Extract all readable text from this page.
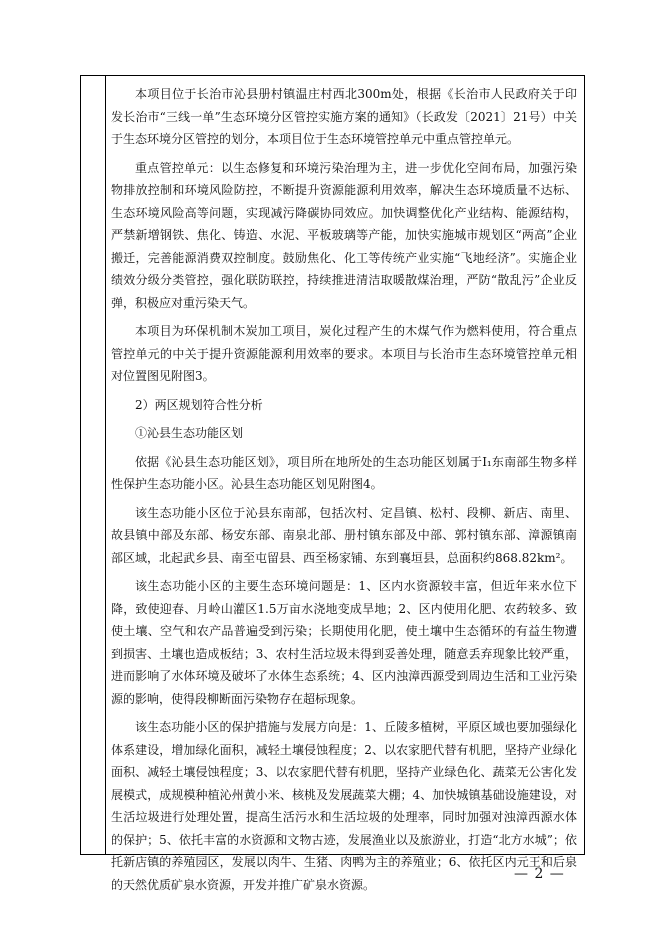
本项目位于长治市沁县册村镇温庄村西北300m处，根据《长治市人民政府关于印发长治市“三线一单”生态环境分区管控实施方案的通知》（长政发〔2021〕21号）中关于生态环境分区管控的划分，本项目位于生态环境管控单元中重点管控单元。

重点管控单元：以生态修复和环境污染治理为主，进一步优化空间布局，加强污染物排放控制和环境风险防控，不断提升资源能源利用效率，解决生态环境质量不达标、生态环境风险高等问题，实现减污降碳协同效应。加快调整优化产业结构、能源结构，严禁新增钢铁、焦化、铸造、水泥、平板玻璃等产能，加快实施城市规划区“两高”企业搬迁，完善能源消费双控制度。鼓励焦化、化工等传统产业实施“飞地经济”。实施企业绩效分级分类管控，强化联防联控，持续推进清洁取暖散煤治理，严防“散乱污”企业反弹，积极应对重污染天气。

本项目为环保机制木炭加工项目，炭化过程产生的木煤气作为燃料使用，符合重点管控单元的中关于提升资源能源利用效率的要求。本项目与长治市生态环境管控单元相对位置图见附图3。

2）两区规划符合性分析

①沁县生态功能区划

依据《沁县生态功能区划》，项目所在地所处的生态功能区划属于I₁东南部生物多样性保护生态功能小区。沁县生态功能区划见附图4。

该生态功能小区位于沁县东南部，包括次村、定昌镇、松村、段柳、新店、南里、故县镇中部及东部、杨安东部、南泉北部、册村镇东部及中部、郭村镇东部、漳源镇南部区域，北起武乡县、南至屯留县、西至杨家铺、东到襄垣县，总面积约868.82km²。

该生态功能小区的主要生态环境问题是：1、区内水资源较丰富，但近年来水位下降，致使迎春、月岭山灌区1.5万亩水浇地变成旱地；2、区内使用化肥、农药较多、致使土壤、空气和农产品普遍受到污染；长期使用化肥，使土壤中生态循环的有益生物遭到损害、土壤也造成板结；3、农村生活垃圾未得到妥善处理，随意丢弃现象比较严重，进而影响了水体环境及破坏了水体生态系统；4、区内浊漳西源受到周边生活和工业污染源的影响，使得段柳断面污染物存在超标现象。

该生态功能小区的保护措施与发展方向是：1、丘陵多植树，平原区域也要加强绿化体系建设，增加绿化面积，减轻土壤侵蚀程度；2、以农家肥代替有机肥，坚持产业绿化面积、减轻土壤侵蚀程度；3、以农家肥代替有机肥，坚持产业绿色化、蔬菜无公害化发展模式，成规模种植沁州黄小米、核桃及发展蔬菜大棚；4、加快城镇基础设施建设，对生活垃圾进行处理处置，提高生活污水和生活垃圾的处理率，同时加强对浊漳西源水体的保护；5、依托丰富的水资源和文物古迹，发展渔业以及旅游业，打造“北方水城”；依托新店镇的养殖园区，发展以肉牛、生猪、肉鸭为主的养殖业；6、依托区内元王和后泉的天然优质矿泉水资源，开发并推广矿泉水资源。

— 2 —
